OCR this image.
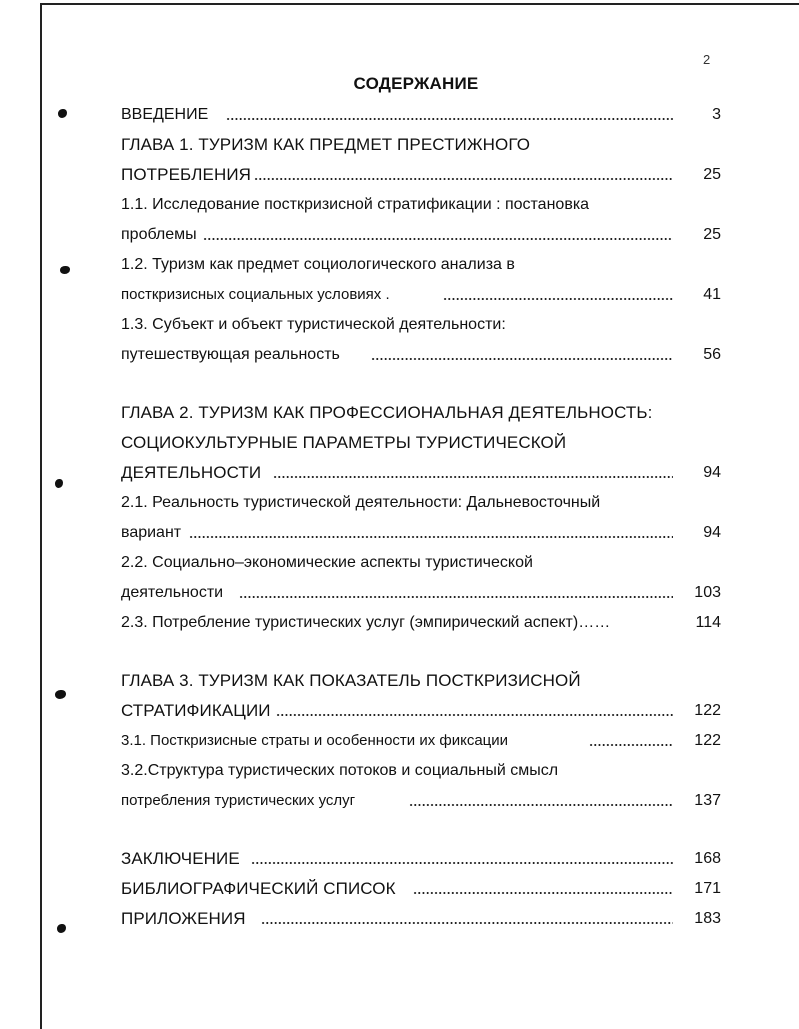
2
СОДЕРЖАНИЕ
ВВЕДЕНИЕ	3
ГЛАВА 1. ТУРИЗМ КАК ПРЕДМЕТ ПРЕСТИЖНОГО
ПОТРЕБЛЕНИЯ	25
1.1. Исследование посткризисной стратификации : постановка
проблемы	25
1.2. Туризм как предмет социологического анализа в
посткризисных социальных условиях .	41
1.3. Субъект и объект туристической деятельности:
путешествующая реальность	56
ГЛАВА 2. ТУРИЗМ КАК ПРОФЕССИОНАЛЬНАЯ ДЕЯТЕЛЬНОСТЬ:
СОЦИОКУЛЬТУРНЫЕ ПАРАМЕТРЫ ТУРИСТИЧЕСКОЙ
ДЕЯТЕЛЬНОСТИ	94
2.1. Реальность туристической деятельности: Дальневосточный
вариант	94
2.2. Социально–экономические аспекты туристической
деятельности	103
2.3. Потребление туристических услуг (эмпирический аспект)……	114
ГЛАВА 3. ТУРИЗМ КАК ПОКАЗАТЕЛЬ ПОСТКРИЗИСНОЙ
СТРАТИФИКАЦИИ	122
3.1. Посткризисные страты и особенности их фиксации	122
3.2.Структура туристических потоков и социальный смысл
потребления туристических услуг	137
ЗАКЛЮЧЕНИЕ	168
БИБЛИОГРАФИЧЕСКИЙ СПИСОК	171
ПРИЛОЖЕНИЯ	183
